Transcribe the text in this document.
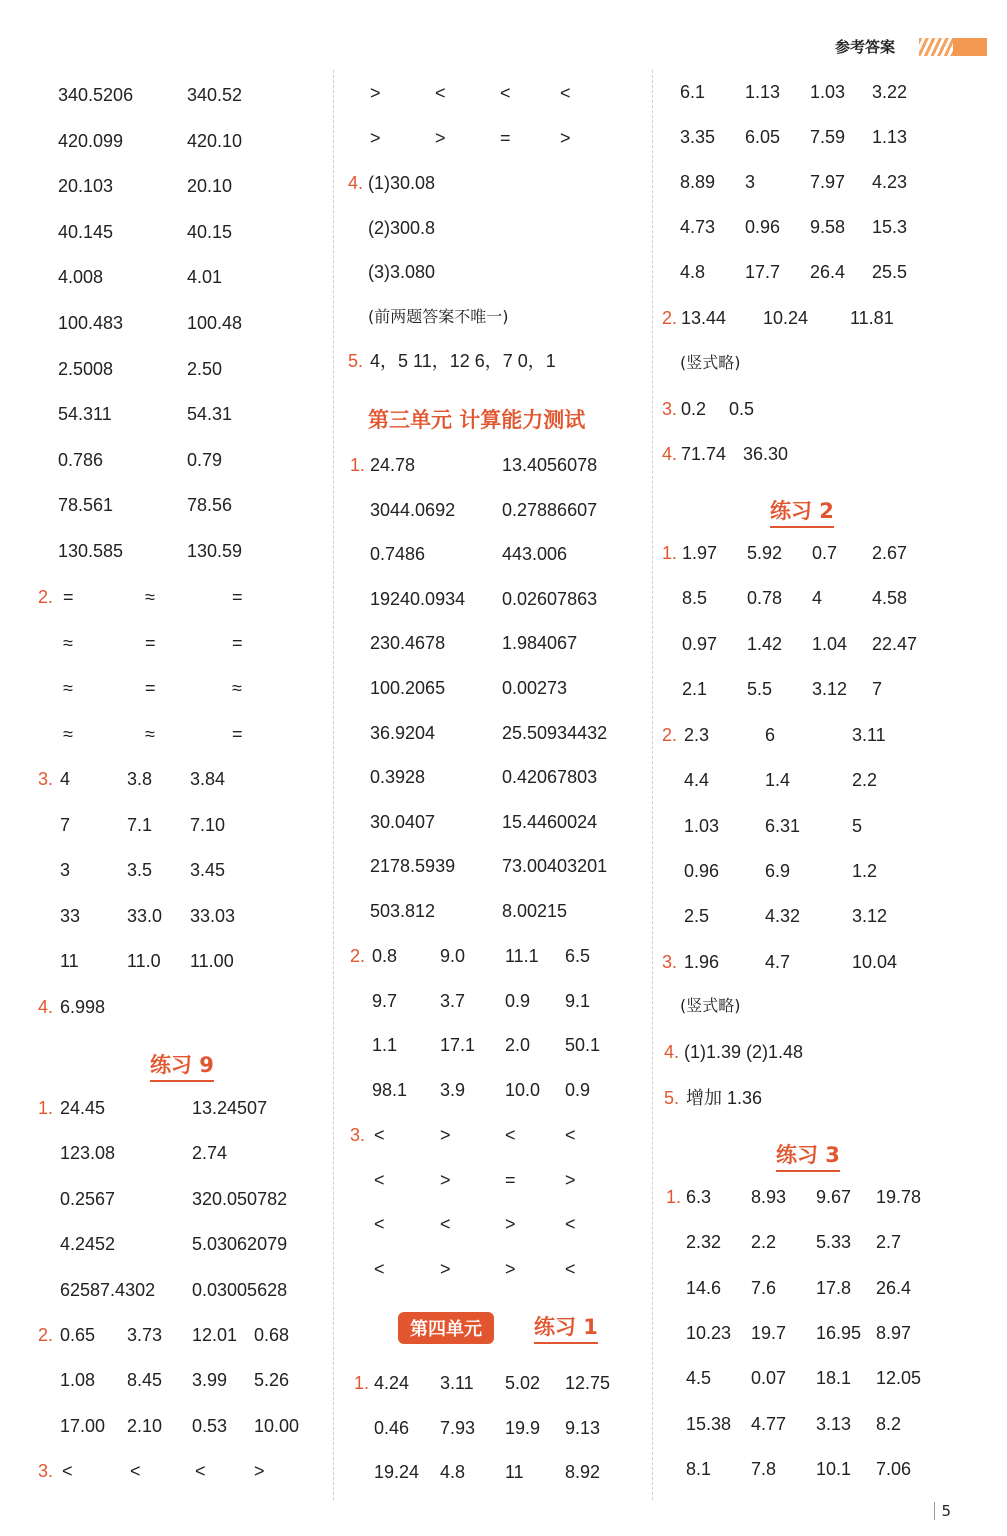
参考答案
340.5206	340.52
420.099	420.10
20.103	20.10
40.145	40.15
4.008	4.01
100.483	100.48
2.5008	2.50
54.311	54.31
0.786	0.79
78.561	78.56
130.585	130.59
2. =	≈	=
≈	=	=
≈	=	≈
≈	≈	=
3. 4	3.8 3.84
7	7.1 7.10
3	3.5 3.45
33	33.0 33.03
11	11.0 11.00
4. 6.998
练习 9
1. 24.45	13.24507
123.08	2.74
0.2567	320.050782
4.2452	5.03062079
62587.4302 0.03005628
2. 0.65 3.73 12.01 0.68
1.08 8.45 3.99 5.26
17.00 2.10 0.53 10.00
3. <	<	<	>
>	<	<	<
>	>	=	>
4. (1)30.08
(2)300.8
(3)3.080
(前两题答案不唯一)
5. 4，5 11，12 6，7 0，1
第三单元 计算能力测试
1. 24.78	13.4056078
3044.0692	0.27886607
0.7486	443.006
19240.0934 0.02607863
230.4678	1.984067
100.2065	0.00273
36.9204	25.50934432
0.3928	0.42067803
30.0407	15.4460024
2178.5939	73.00403201
503.812	8.00215
2. 0.8 9.0 11.1 6.5
9.7 3.7 0.9 9.1
1.1 17.1 2.0 50.1
98.1 3.9 10.0 0.9
3. <	>	<	<
<	>	=	>
<	<	>	<
<	>	>	<
第四单元	练习 1
1. 4.24 3.11 5.02 12.75
0.46 7.93 19.9 9.13
19.24 4.8 11 8.92
6.1 1.13 1.03 3.22
3.35 6.05 7.59 1.13
8.89 3	7.97 4.23
4.73 0.96 9.58 15.3
4.8 17.7 26.4 25.5
2. 13.44 10.24 11.81
(竖式略)
3. 0.2 0.5
4. 71.74 36.30
练习 2
1. 1.97 5.92 0.7 2.67
8.5 0.78 4	4.58
0.97 1.42 1.04 22.47
2.1 5.5 3.12 7
2. 2.3	6	3.11
4.4	1.4	2.2
1.03	6.31	5
0.96	6.9	1.2
2.5	4.32	3.12
3. 1.96	4.7	10.04
(竖式略)
4. (1)1.39 (2)1.48
5. 增加 1.36
练习 3
1. 6.3 8.93 9.67 19.78
2.32 2.2 5.33 2.7
14.6 7.6 17.8 26.4
10.23 19.7 16.95 8.97
4.5 0.07 18.1 12.05
15.38 4.77 3.13 8.2
8.1 7.8 10.1 7.06
5
